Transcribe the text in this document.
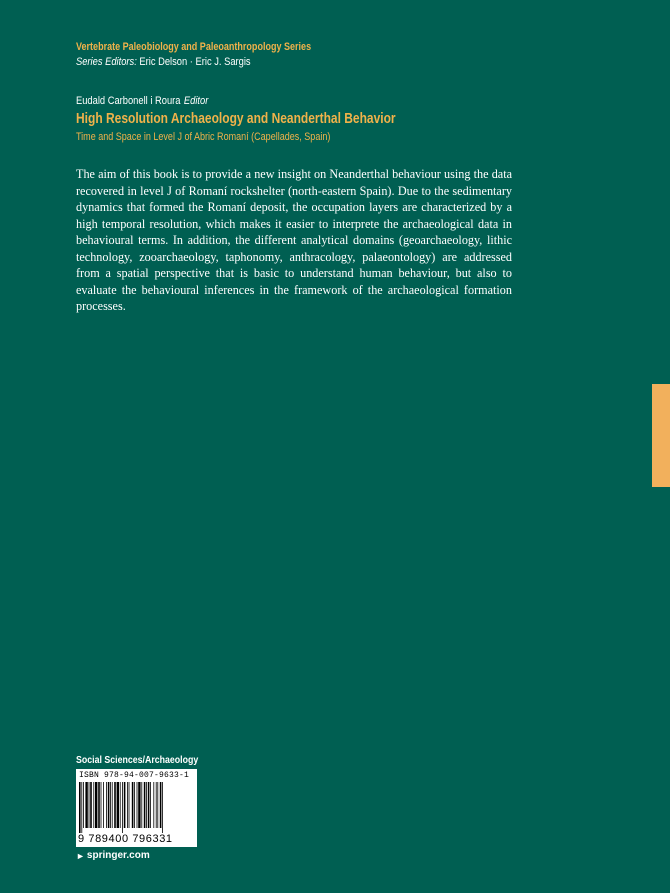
Vertebrate Paleobiology and Paleoanthropology Series
Series Editors: Eric Delson · Eric J. Sargis
Eudald Carbonell i Roura Editor
High Resolution Archaeology and Neanderthal Behavior
Time and Space in Level J of Abric Romaní (Capellades, Spain)

The aim of this book is to provide a new insight on Neanderthal behaviour using the data recovered in level J of Romaní rockshelter (north-eastern Spain). Due to the sedimentary dynamics that formed the Romaní deposit, the occupation layers are characterized by a high temporal resolution, which makes it easier to interprete the archaeological data in behavioural terms. In addition, the different analytical domains (geoarchaeology, lithic technology, zooarchaeology, taphonomy, anthracology, palaeontology) are addressed from a spatial perspective that is basic to understand human behaviour, but also to evaluate the behavioural inferences in the framework of the archaeological formation processes.

Social Sciences/Archaeology
ISBN 978-94-007-9633-1
9 789400 796331
► springer.com
